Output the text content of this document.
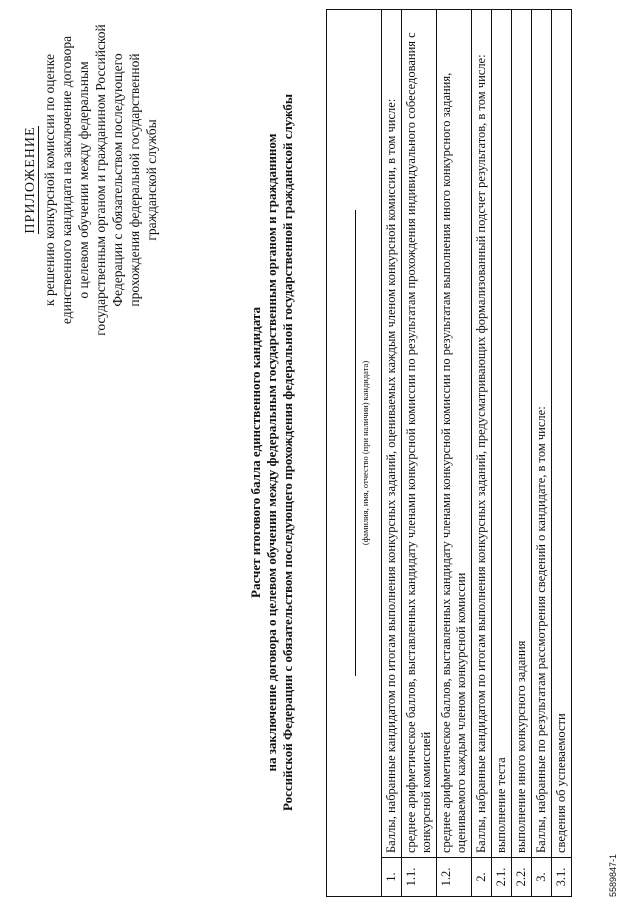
ПРИЛОЖЕНИЕ к решению конкурсной комиссии по оценке единственного кандидата на заключение договора о целевом обучении между федеральным государственным органом и гражданином Российской Федерации с обязательством последующего прохождения федеральной государственной гражданской службы
Расчет итогового балла единственного кандидата на заключение договора о целевом обучении между федеральным государственным органом и гражданином Российской Федерации с обязательством последующего прохождения федеральной государственной гражданской службы	(фамилия, имя, отчество (при наличии) кандидата)	

1.	Баллы, набранные кандидатом по итогам выполнения конкурсных заданий, оцениваемых каждым членом конкурсной комиссии, в том числе:
1.1.	среднее арифметическое баллов, выставленных кандидату членами конкурсной комиссии по результатам прохождения индивидуального собеседования с конкурсной комиссией
1.2.	среднее арифметическое баллов, выставленных кандидату членами конкурсной комиссии по результатам выполнения иного конкурсного задания, оцениваемого каждым членом конкурсной комиссии
2.	Баллы, набранные кандидатом по итогам выполнения конкурсных заданий, предусматривающих формализованный подсчет результатов, в том числе:
2.1.	выполнение теста
2.2.	выполнение иного конкурсного задания
3.	Баллы, набранные по результатам рассмотрения сведений о кандидате, в том числе:
3.1.	сведения об успеваемости
5589847-1
